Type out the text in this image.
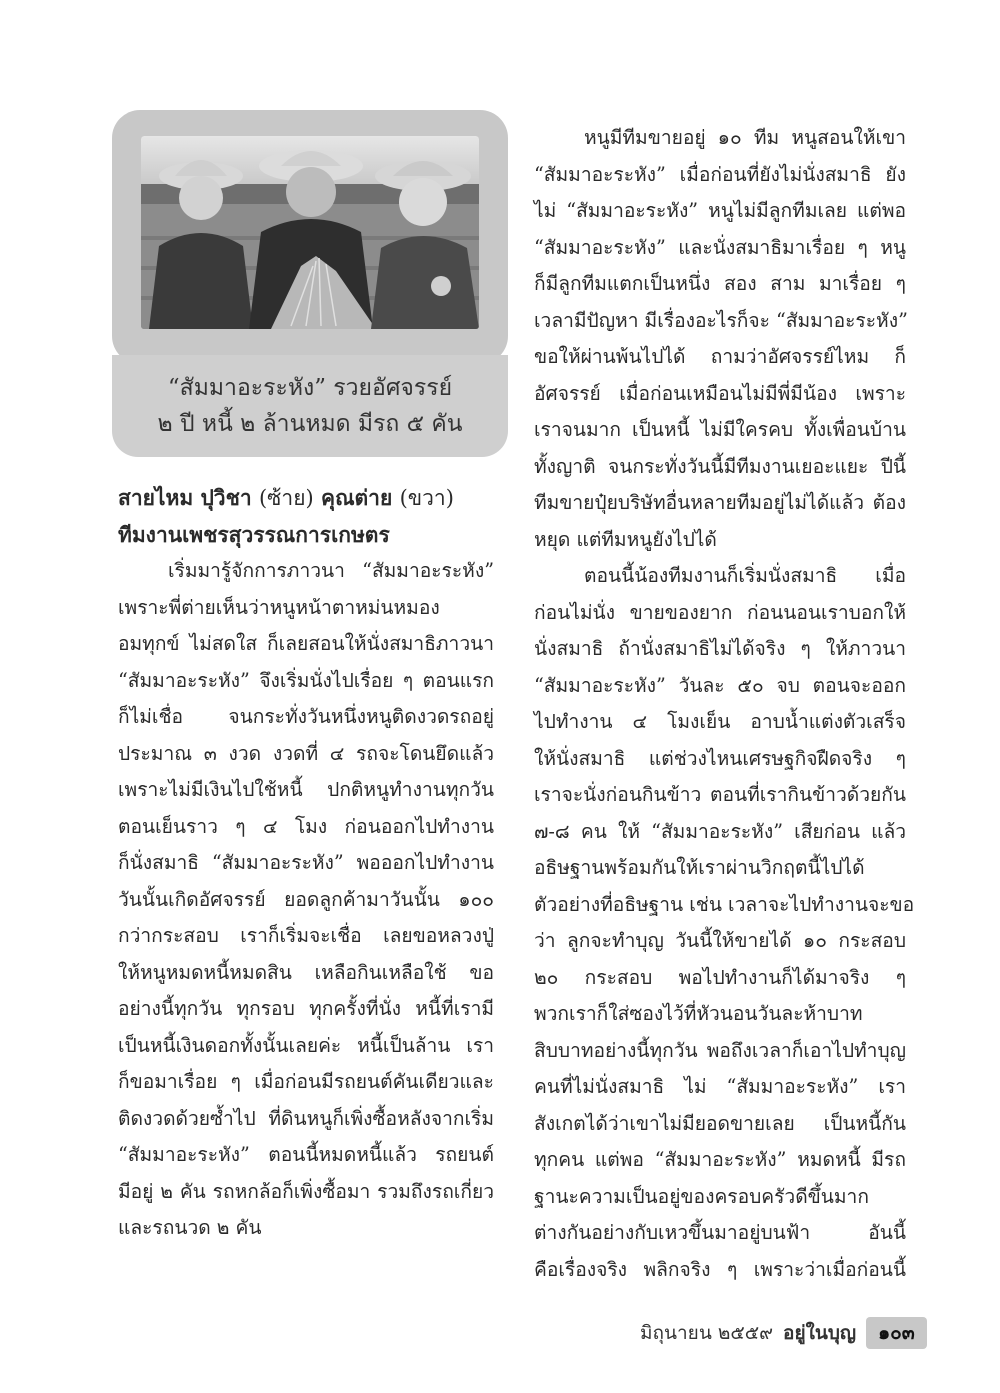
“สัมมาอะระหัง” รวยอัศจรรย์
๒ ปี หนี้ ๒ ล้านหมด มีรถ ๕ คัน
สายไหม ปุวิชา (ซ้าย) คุณต่าย (ขวา)
ทีมงานเพชรสุวรรณการเกษตร
เริ่มมารู้จักการภาวนา “สัมมาอะระหัง”
เพราะพี่ต่ายเห็นว่าหนูหน้าตาหม่นหมอง
อมทุกข์ ไม่สดใส ก็เลยสอนให้นั่งสมาธิภาวนา
“สัมมาอะระหัง” จึงเริ่มนั่งไปเรื่อย ๆ ตอนแรก
ก็ไม่เชื่อ จนกระทั่งวันหนึ่งหนูติดงวดรถอยู่
ประมาณ ๓ งวด งวดที่ ๔ รถจะโดนยึดแล้ว
เพราะไม่มีเงินไปใช้หนี้ ปกติหนูทำงานทุกวัน
ตอนเย็นราว ๆ ๔ โมง ก่อนออกไปทำงาน
ก็นั่งสมาธิ “สัมมาอะระหัง” พอออกไปทำงาน
วันนั้นเกิดอัศจรรย์ ยอดลูกค้ามาวันนั้น ๑๐๐
กว่ากระสอบ เราก็เริ่มจะเชื่อ เลยขอหลวงปู่
ให้หนูหมดหนี้หมดสิน เหลือกินเหลือใช้ ขอ
อย่างนี้ทุกวัน ทุกรอบ ทุกครั้งที่นั่ง หนี้ที่เรามี
เป็นหนี้เงินดอกทั้งนั้นเลยค่ะ หนี้เป็นล้าน เรา
ก็ขอมาเรื่อย ๆ เมื่อก่อนมีรถยนต์คันเดียวและ
ติดงวดด้วยซ้ำไป ที่ดินหนูก็เพิ่งซื้อหลังจากเริ่ม
“สัมมาอะระหัง” ตอนนี้หมดหนี้แล้ว รถยนต์
มีอยู่ ๒ คัน รถหกล้อก็เพิ่งซื้อมา รวมถึงรถเกี่ยว
และรถนวด ๒ คัน
หนูมีทีมขายอยู่ ๑๐ ทีม หนูสอนให้เขา
“สัมมาอะระหัง” เมื่อก่อนที่ยังไม่นั่งสมาธิ ยัง
ไม่ “สัมมาอะระหัง” หนูไม่มีลูกทีมเลย แต่พอ
“สัมมาอะระหัง” และนั่งสมาธิมาเรื่อย ๆ หนู
ก็มีลูกทีมแตกเป็นหนึ่ง สอง สาม มาเรื่อย ๆ
เวลามีปัญหา มีเรื่องอะไรก็จะ “สัมมาอะระหัง”
ขอให้ผ่านพ้นไปได้ ถามว่าอัศจรรย์ไหม ก็
อัศจรรย์ เมื่อก่อนเหมือนไม่มีพี่มีน้อง เพราะ
เราจนมาก เป็นหนี้ ไม่มีใครคบ ทั้งเพื่อนบ้าน
ทั้งญาติ จนกระทั่งวันนี้มีทีมงานเยอะแยะ ปีนี้
ทีมขายปุ๋ยบริษัทอื่นหลายทีมอยู่ไม่ได้แล้ว ต้อง
หยุด แต่ทีมหนูยังไปได้
ตอนนี้น้องทีมงานก็เริ่มนั่งสมาธิ เมื่อ
ก่อนไม่นั่ง ขายของยาก ก่อนนอนเราบอกให้
นั่งสมาธิ ถ้านั่งสมาธิไม่ได้จริง ๆ ให้ภาวนา
“สัมมาอะระหัง” วันละ ๕๐ จบ ตอนจะออก
ไปทำงาน ๔ โมงเย็น อาบน้ำแต่งตัวเสร็จ
ให้นั่งสมาธิ แต่ช่วงไหนเศรษฐกิจฝืดจริง ๆ
เราจะนั่งก่อนกินข้าว ตอนที่เรากินข้าวด้วยกัน
๗-๘ คน ให้ “สัมมาอะระหัง” เสียก่อน แล้ว
อธิษฐานพร้อมกันให้เราผ่านวิกฤตนี้ไปได้
ตัวอย่างที่อธิษฐาน เช่น เวลาจะไปทำงานจะขอ
ว่า ลูกจะทำบุญ วันนี้ให้ขายได้ ๑๐ กระสอบ
๒๐ กระสอบ พอไปทำงานก็ได้มาจริง ๆ
พวกเราก็ใส่ซองไว้ที่หัวนอนวันละห้าบาท
สิบบาทอย่างนี้ทุกวัน พอถึงเวลาก็เอาไปทำบุญ
คนที่ไม่นั่งสมาธิ ไม่ “สัมมาอะระหัง” เรา
สังเกตได้ว่าเขาไม่มียอดขายเลย เป็นหนี้กัน
ทุกคน แต่พอ “สัมมาอะระหัง” หมดหนี้ มีรถ
ฐานะความเป็นอยู่ของครอบครัวดีขึ้นมาก
ต่างกันอย่างกับเหวขึ้นมาอยู่บนฟ้า อันนี้
คือเรื่องจริง พลิกจริง ๆ เพราะว่าเมื่อก่อนนี้
มิถุนายน ๒๕๕๙ อยู่ในบุญ	๑๐๓
